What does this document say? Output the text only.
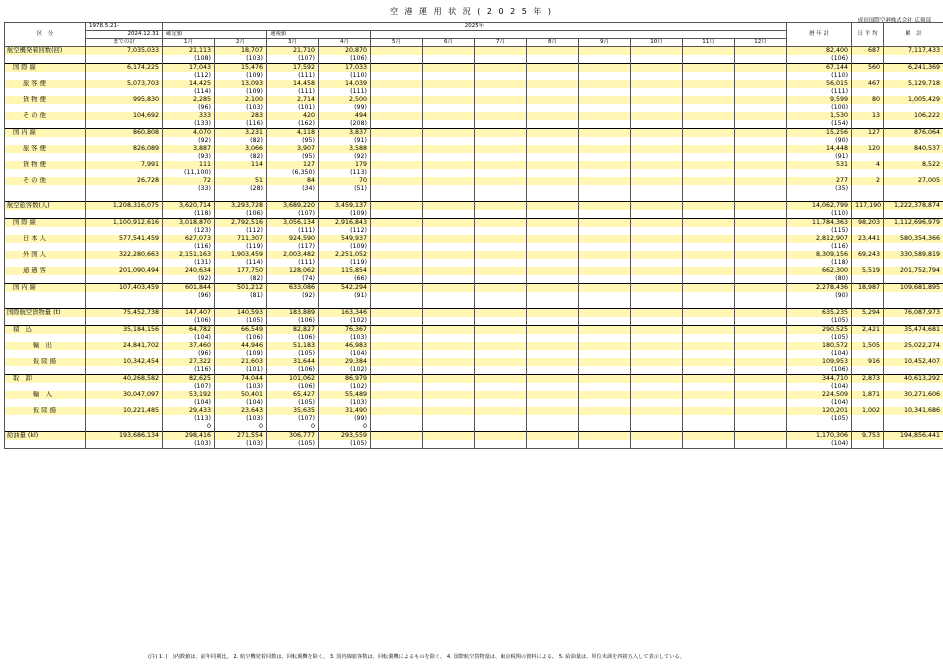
空 港 運 用 状 況 ( 2 0 2 5 年 )
成田国際空港株式会社 広報部
区　分	1978.5.21-	2025年												暦 年 計	日 平 均	累　計
	2024.12.31	確定値		速報値												
	までの計	1月	2月	3月	4月	5月	6月	7月	8月	9月	10月	11月	12月			
航空機発着回数(回)	7,035,033	21,113	18,707	21,710	20,870									82,400	687	7,117,433
		(108)	(103)	(107)	(106)									(106)		
国 際 線	6,174,225	17,043	15,476	17,592	17,033									67,144	560	6,241,369
		(112)	(109)	(111)	(110)									(110)		
旅 客 便	5,073,703	14,425	13,093	14,458	14,039									56,015	467	5,129,718
		(114)	(109)	(111)	(111)									(111)		
貨 物 便	995,830	2,285	2,100	2,714	2,500									9,599	80	1,005,429
		(96)	(103)	(101)	(99)									(100)		
そ の 他	104,692	333	283	420	494									1,530	13	106,222
		(133)	(116)	(162)	(208)									(154)		
国 内 線	860,808	4,070	3,231	4,118	3,837									15,256	127	876,064
		(92)	(82)	(95)	(91)									(90)		
旅 客 便	826,089	3,887	3,066	3,907	3,588									14,448	120	840,537
		(93)	(82)	(95)	(92)									(91)		
貨 物 便	7,991	111	114	127	179									531	4	8,522
		(11,100)		(6,350)	(113)											
そ の 他	26,728	72	51	84	70									277	2	27,005
		(33)	(28)	(34)	(51)									(35)		

航空旅客数(人)	1,208,316,075	3,620,714	3,293,728	3,689,220	3,459,137									14,062,799	117,190	1,222,378,874
		(118)	(106)	(107)	(109)									(110)		
国 際 線	1,100,912,616	3,018,870	2,792,516	3,056,134	2,916,843									11,784,363	98,203	1,112,696,979
		(123)	(112)	(111)	(112)									(115)		
日 本 人	577,541,459	627,073	711,307	924,590	549,937									2,812,907	23,441	580,354,366
		(116)	(119)	(117)	(109)									(116)		
外 国 人	322,280,663	2,151,163	1,903,459	2,003,482	2,251,052									8,309,156	69,243	330,589,819
		(131)	(114)	(111)	(119)									(118)		
通 過 客	201,090,494	240,634	177,750	128,062	115,854									662,300	5,519	201,752,794
		(92)	(82)	(74)	(66)									(80)		
国 内 線	107,403,459	601,844	501,212	633,086	542,294									2,278,436	18,987	109,681,895
		(96)	(81)	(92)	(91)									(90)		

国際航空貨物量 (t)	75,452,738	147,407	140,593	183,889	163,346									635,235	5,294	76,087,973
		(106)	(105)	(106)	(102)									(105)		
積　込	35,184,156	64,782	66,549	82,827	76,367									290,525	2,421	35,474,681
		(104)	(106)	(106)	(103)									(105)		
輸　出	24,841,702	37,460	44,946	51,183	46,983									180,572	1,505	25,022,274
		(96)	(109)	(105)	(104)									(104)		
仮 陸 揚	10,342,454	27,322	21,603	31,644	29,384									109,953	916	10,452,407
		(116)	(101)	(106)	(102)									(106)		
取　卸	40,268,582	82,625	74,044	101,062	86,979									344,710	2,873	40,613,292
		(107)	(103)	(106)	(102)									(104)		
輸　入	30,047,097	53,192	50,401	65,427	55,489									224,509	1,871	30,271,606
		(104)	(104)	(105)	(103)									(104)		
仮 陸 揚	10,221,485	29,433	23,643	35,635	31,490									120,201	1,002	10,341,686
		(113)	(103)	(107)	(99)									(105)		
		0	0	0	0											
給油量 (kl)	193,686,134	298,416	271,554	306,777	293,559									1,170,306	9,753	194,856,441
		(103)	(103)	(105)	(105)									(104)		
(注) 1. (　)内数値は、前年同期比。 2. 航空機発着回数は、回転翼機を除く。 3. 国内線旅客数は、回転翼機によるものを除く。 4. 国際航空貨物量は、東京税関の資料による。 5. 給油量は、単位未満を四捨五入して表示している。
